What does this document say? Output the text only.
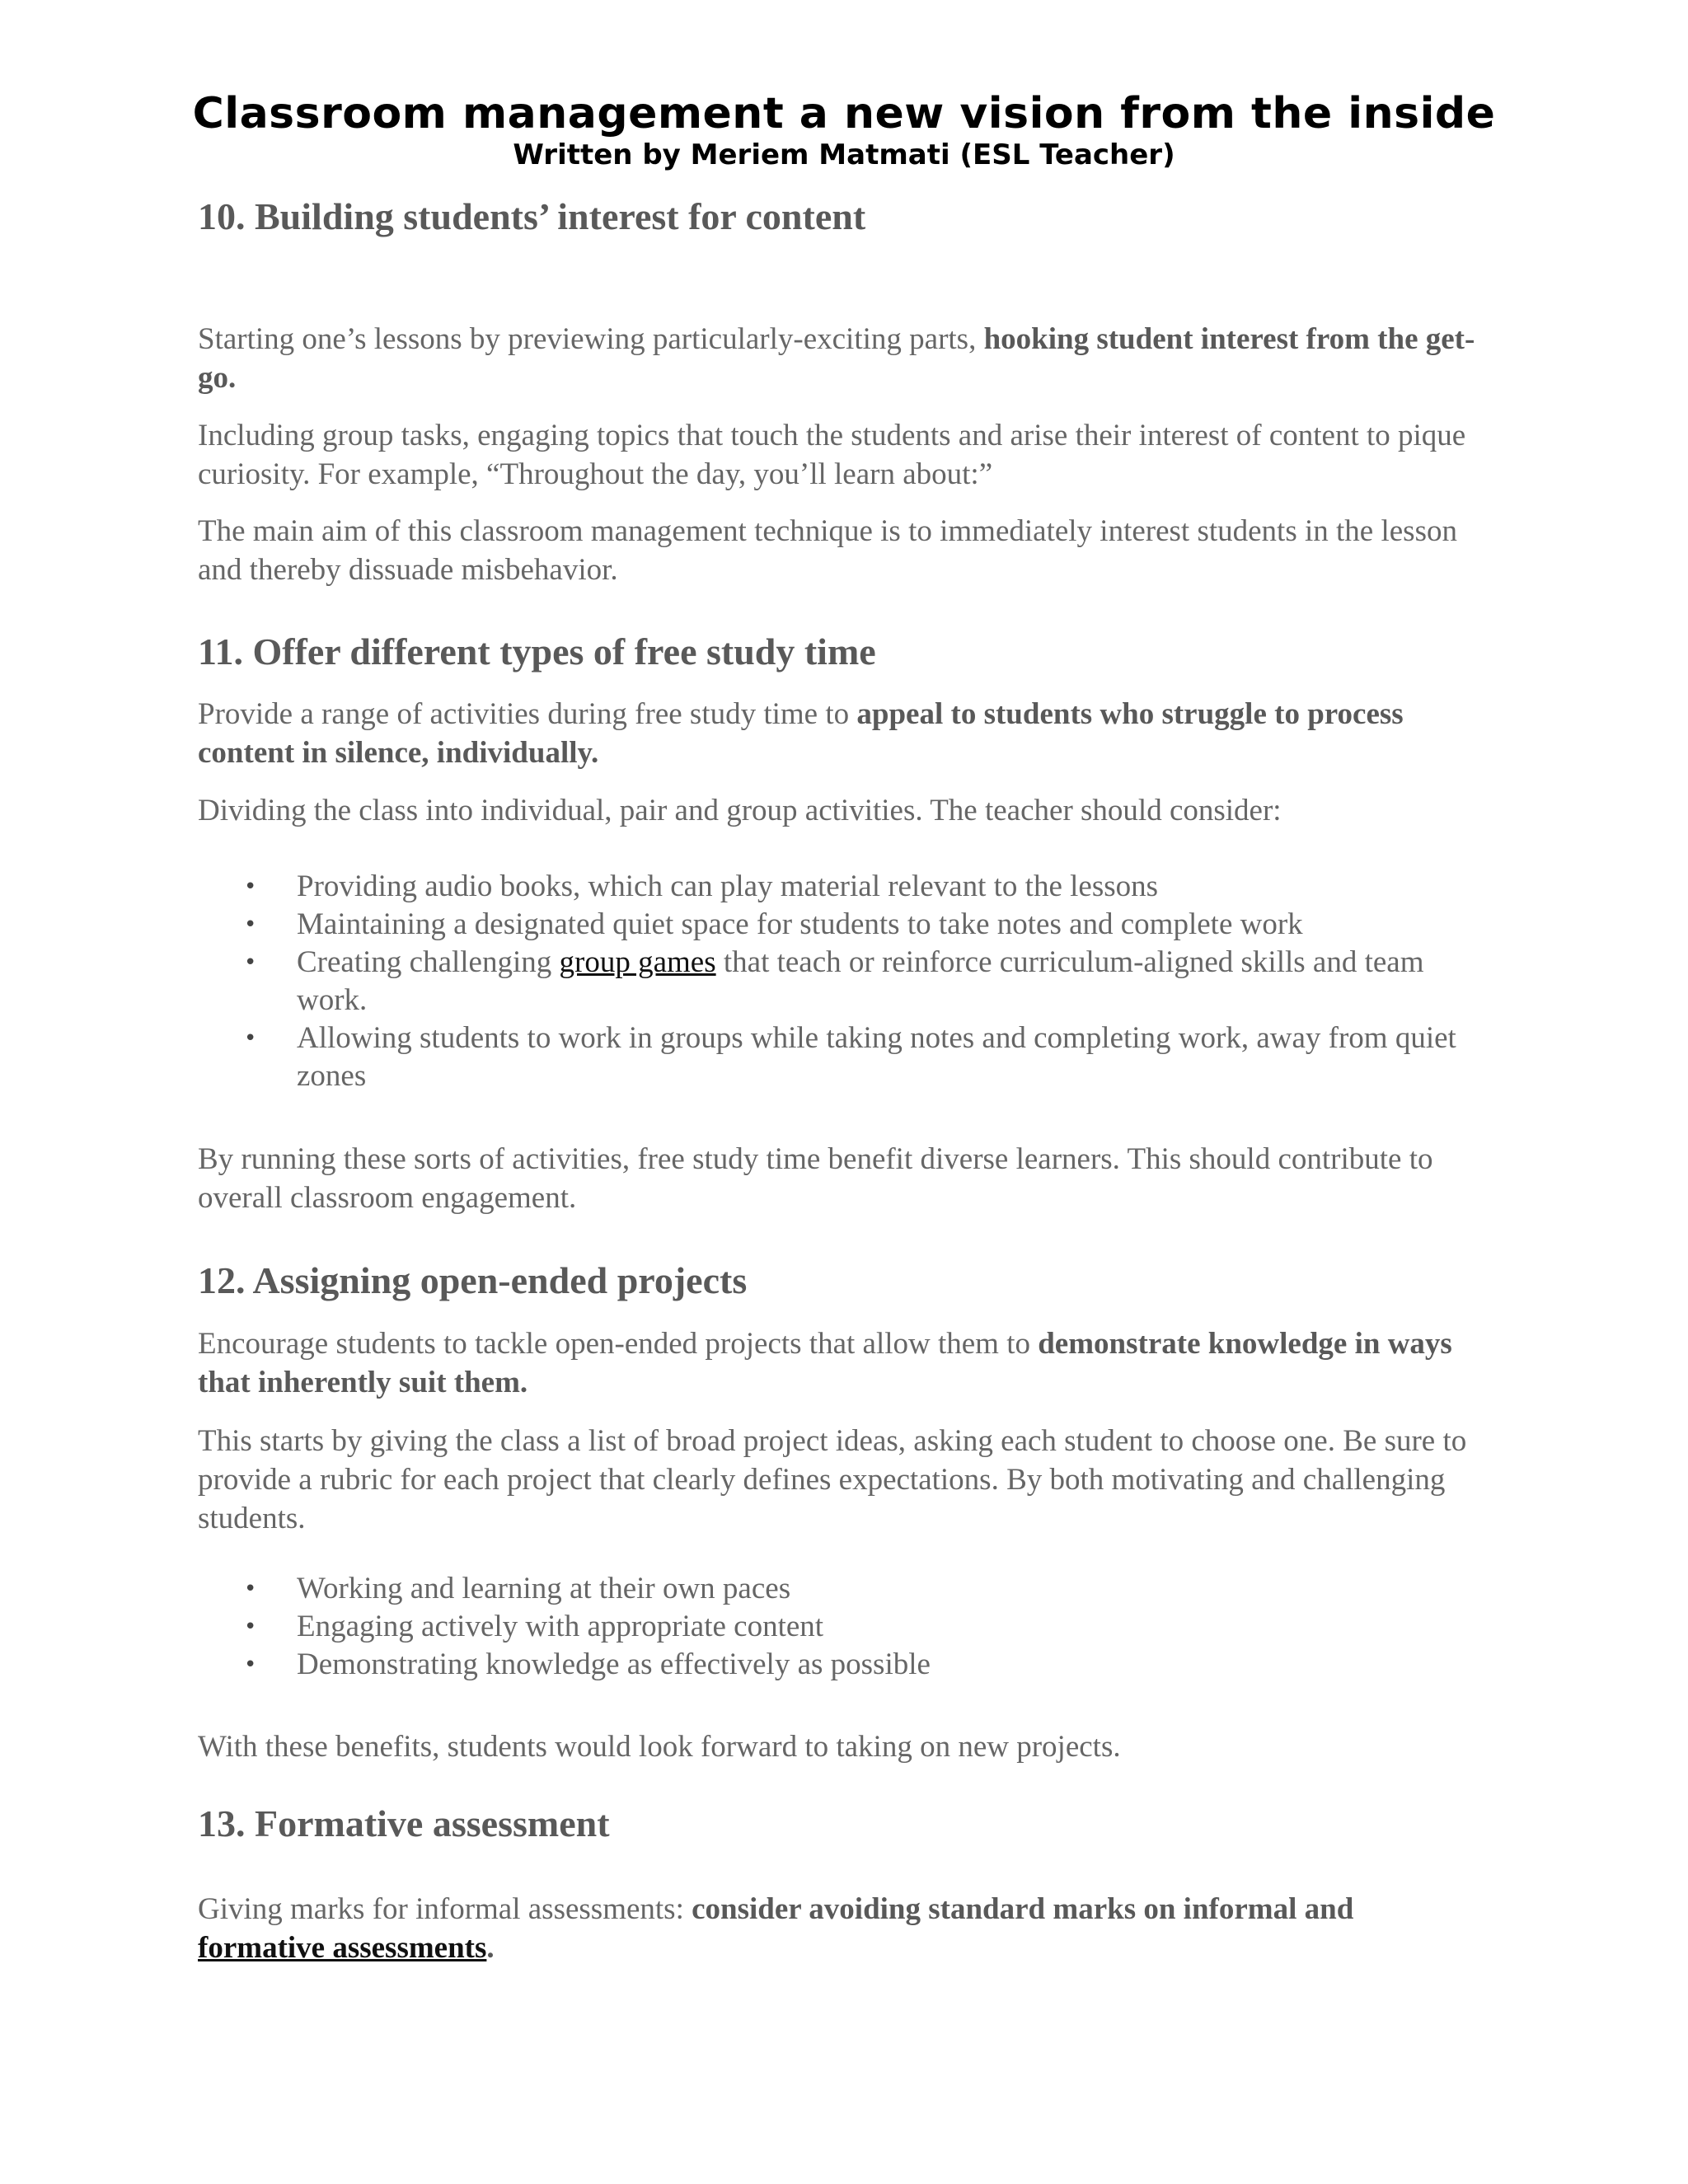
Classroom management a new vision from the inside
Written by Meriem Matmati (ESL Teacher)
10. Building students’ interest for content
Starting one’s lessons by previewing particularly-exciting parts, hooking student interest from the get-go.
Including group tasks, engaging topics that touch the students and arise their interest of content to pique curiosity. For example, “Throughout the day, you’ll learn about:”
The main aim of this classroom management technique is to immediately interest students in the lesson and thereby dissuade misbehavior.
11. Offer different types of free study time
Provide a range of activities during free study time to appeal to students who struggle to process content in silence, individually.
Dividing the class into individual, pair and group activities. The teacher should consider:
• Providing audio books, which can play material relevant to the lessons
• Maintaining a designated quiet space for students to take notes and complete work
• Creating challenging group games that teach or reinforce curriculum-aligned skills and team work.
• Allowing students to work in groups while taking notes and completing work, away from quiet zones
By running these sorts of activities, free study time benefit diverse learners. This should contribute to overall classroom engagement.
12. Assigning open-ended projects
Encourage students to tackle open-ended projects that allow them to demonstrate knowledge in ways that inherently suit them.
This starts by giving the class a list of broad project ideas, asking each student to choose one. Be sure to provide a rubric for each project that clearly defines expectations. By both motivating and challenging students.
• Working and learning at their own paces
• Engaging actively with appropriate content
• Demonstrating knowledge as effectively as possible
With these benefits, students would look forward to taking on new projects.
13. Formative assessment
Giving marks for informal assessments: consider avoiding standard marks on informal and formative assessments.
